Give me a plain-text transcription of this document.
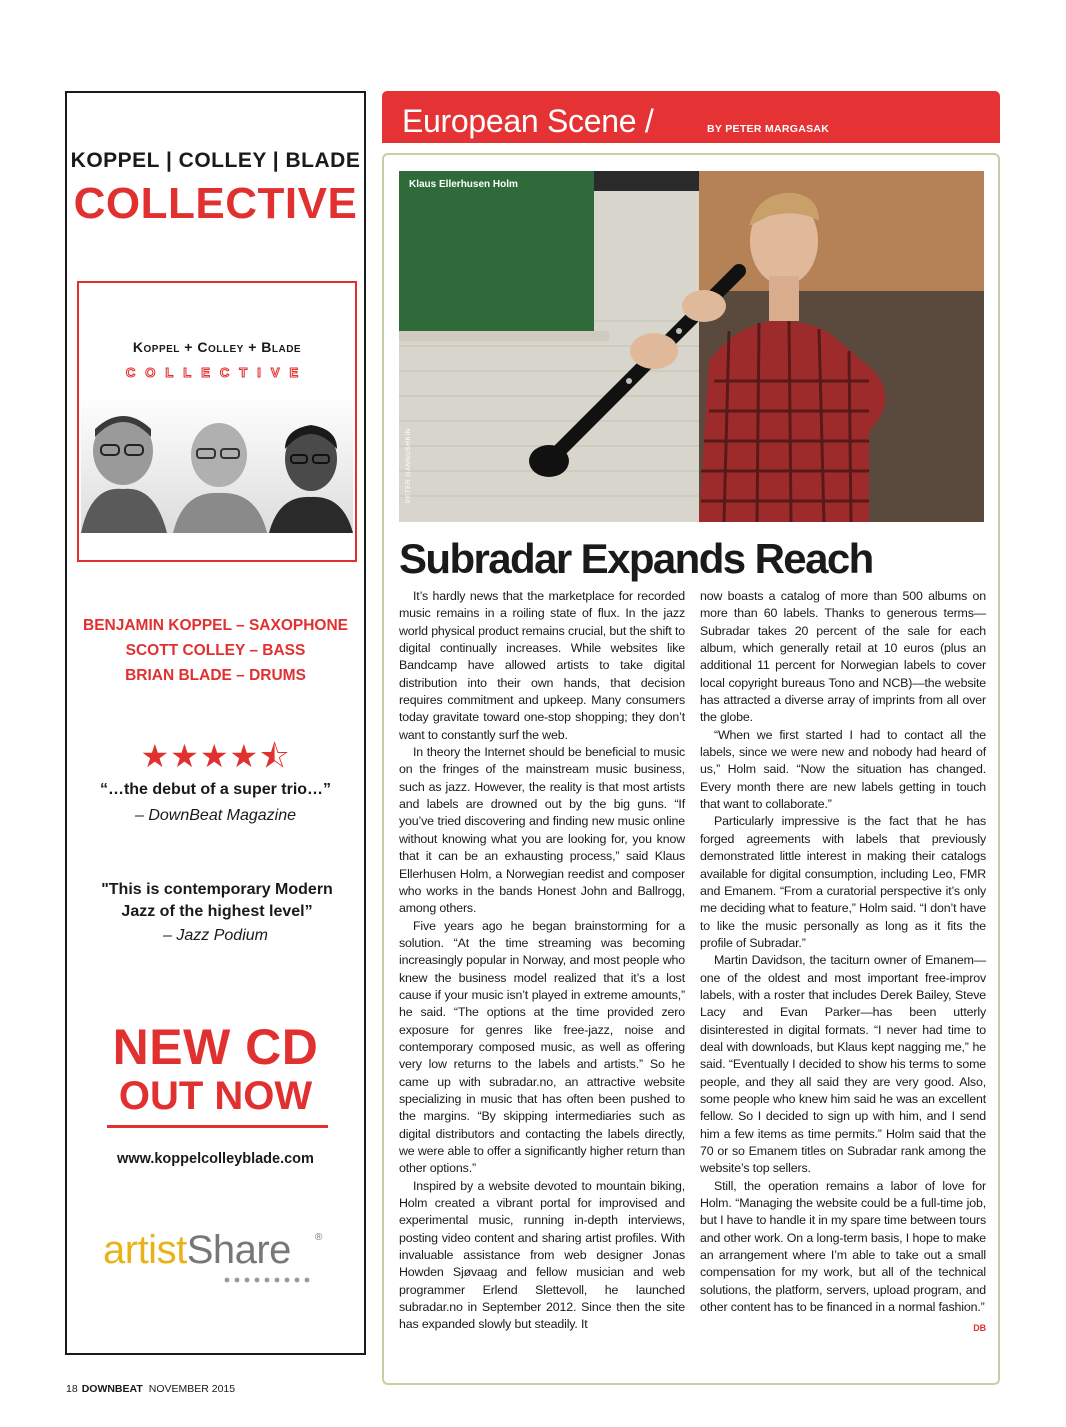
KOPPEL | COLLEY | BLADE
COLLECTIVE
Koppel + Colley + Blade
COLLECTIVE
BENJAMIN KOPPEL – SAXOPHONE
SCOTT COLLEY – BASS
BRIAN BLADE – DRUMS
★★★★⯪
“…the debut of a super trio…”
– DownBeat Magazine
"This is contemporary Modern Jazz of the highest level”
– Jazz Podium
NEW CD
OUT NOW
www.koppelcolleyblade.com
artistShare ®
European Scene /	BY PETER MARGASAK
Klaus Ellerhusen Holm
PETER GANNUSHKIN
Subradar Expands Reach

It’s hardly news that the marketplace for recorded music remains in a roiling state of flux. In the jazz world physical product remains crucial, but the shift to digital continually increases. While websites like Bandcamp have allowed artists to take digital distribution into their own hands, that decision requires commitment and upkeep. Many consumers today gravitate toward one-stop shopping; they don’t want to constantly surf the web.

In theory the Internet should be beneficial to music on the fringes of the mainstream music business, such as jazz. However, the reality is that most artists and labels are drowned out by the big guns. “If you’ve tried discovering and finding new music online without knowing what you are looking for, you know that it can be an exhausting process,” said Klaus Ellerhusen Holm, a Norwegian reedist and composer who works in the bands Honest John and Ballrogg, among others.

Five years ago he began brainstorming for a solution. “At the time streaming was becoming increasingly popular in Norway, and most people who knew the business model realized that it’s a lost cause if your music isn’t played in extreme amounts,” he said. “The options at the time provided zero exposure for genres like free-jazz, noise and contemporary composed music, as well as offering very low returns to the labels and artists.” So he came up with subradar.no, an attractive website specializing in music that has often been pushed to the margins. “By skipping intermediaries such as digital distributors and contacting the labels directly, we were able to offer a significantly higher return than other options.”

Inspired by a website devoted to mountain biking, Holm created a vibrant portal for improvised and experimental music, running in-depth interviews, posting video content and sharing artist profiles. With invaluable assistance from web designer Jonas Howden Sjøvaag and fellow musician and web programmer Erlend Slettevoll, he launched subradar.no in September 2012. Since then the site has expanded slowly but steadily. It

now boasts a catalog of more than 500 albums on more than 60 labels. Thanks to generous terms—Subradar takes 20 percent of the sale for each album, which generally retail at 10 euros (plus an additional 11 percent for Norwegian labels to cover local copyright bureaus Tono and NCB)—the website has attracted a diverse array of imprints from all over the globe.

“When we first started I had to contact all the labels, since we were new and nobody had heard of us,” Holm said. “Now the situation has changed. Every month there are new labels getting in touch that want to collaborate.”

Particularly impressive is the fact that he has forged agreements with labels that previously demonstrated little interest in making their catalogs available for digital consumption, including Leo, FMR and Emanem. “From a curatorial perspective it’s only me deciding what to feature,” Holm said. “I don’t have to like the music personally as long as it fits the profile of Subradar.”

Martin Davidson, the taciturn owner of Emanem—one of the oldest and most important free-improv labels, with a roster that includes Derek Bailey, Steve Lacy and Evan Parker—has been utterly disinterested in digital formats. “I never had time to deal with downloads, but Klaus kept nagging me,” he said. “Eventually I decided to show his terms to some people, and they all said they are very good. Also, some people who knew him said he was an excellent fellow. So I decided to sign up with him, and I send him a few items as time permits.” Holm said that the 70 or so Emanem titles on Subradar rank among the website’s top sellers.

Still, the operation remains a labor of love for Holm. “Managing the website could be a full-time job, but I have to handle it in my spare time between tours and other work. On a long-term basis, I hope to make an arrangement where I’m able to take out a small compensation for my work, but all of the technical solutions, the platform, servers, upload program, and other content has to be financed in a normal fashion.”
DB

18 DOWNBEAT NOVEMBER 2015
